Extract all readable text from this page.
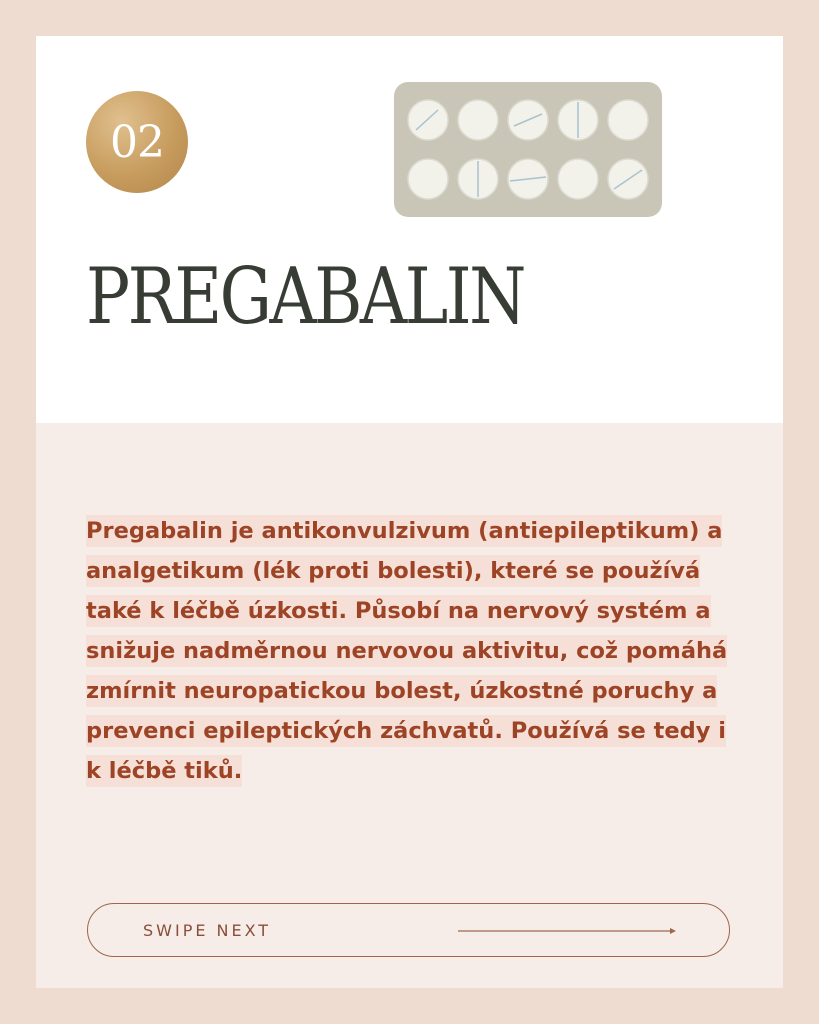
02
PREGABALIN

Pregabalin je antikonvulzivum (antiepileptikum) a analgetikum (lék proti bolesti), které se používá také k léčbě úzkosti. Působí na nervový systém a snižuje nadměrnou nervovou aktivitu, což pomáhá zmírnit neuropatickou bolest, úzkostné poruchy a prevenci epileptických záchvatů. Používá se tedy i k léčbě tiků.

SWIPE NEXT
